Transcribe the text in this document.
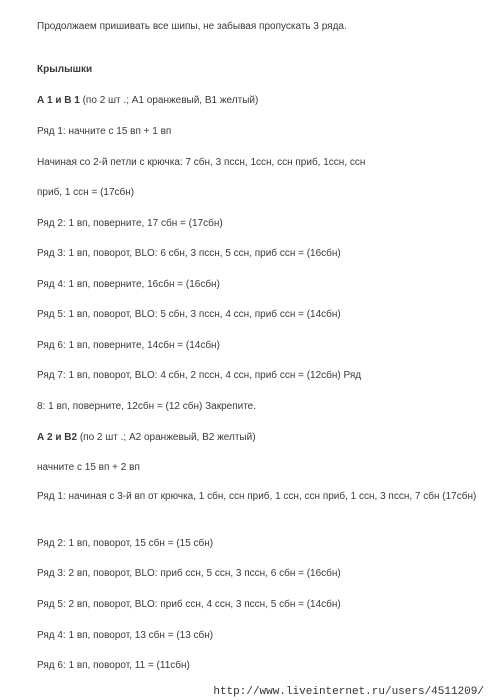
Продолжаем пришивать все шипы, не забывая пропускать 3 ряда.
Крылышки
А 1 и В 1 (по 2 шт .; А1 оранжевый, В1 желтый)
Ряд 1: начните с 15 вп + 1 вп
Начиная со 2-й петли с крючка: 7 сбн, 3 пссн, 1ссн, ссн приб, 1ссн, ссн
приб, 1 ссн = (17сбн)
Ряд 2: 1 вп, поверните, 17 сбн = (17сбн)
Ряд 3: 1 вп, поворот, BLO: 6 сбн, 3 пссн, 5 ссн, приб ссн = (16сбн)
Ряд 4: 1 вп, поверните, 16сбн = (16сбн)
Ряд 5: 1 вп, поворот, BLO: 5 сбн, 3 пссн, 4 ссн, приб ссн = (14сбн)
Ряд 6: 1 вп, поверните, 14сбн = (14сбн)
Ряд 7: 1 вп, поворот, BLO: 4 сбн, 2 пссн, 4 ссн, приб ссн = (12сбн) Ряд
8: 1 вп, поверните, 12сбн = (12 сбн) Закрепите.
А 2 и В2 (по 2 шт .; А2 оранжевый, В2 желтый)
начните с 15 вп + 2 вп
Ряд 1: начиная с 3-й вп от крючка, 1 сбн, ссн приб, 1 ссн, ссн приб, 1 ссн, 3 пссн, 7 сбн (17сбн)
Ряд 2: 1 вп, поворот, 15 сбн = (15 сбн)
Ряд 3: 2 вп, поворот, BLO: приб ссн, 5 ссн, 3 пссн, 6 сбн = (16сбн)
Ряд 5: 2 вп, поворот, BLO: приб ссн, 4 ссн, 3 пссн, 5 сбн = (14сбн)
Ряд 4: 1 вп, поворот, 13 сбн = (13 сбн)
Ряд 6: 1 вп, поворот, 11 = (11сбн)
http://www.liveinternet.ru/users/4511209/
